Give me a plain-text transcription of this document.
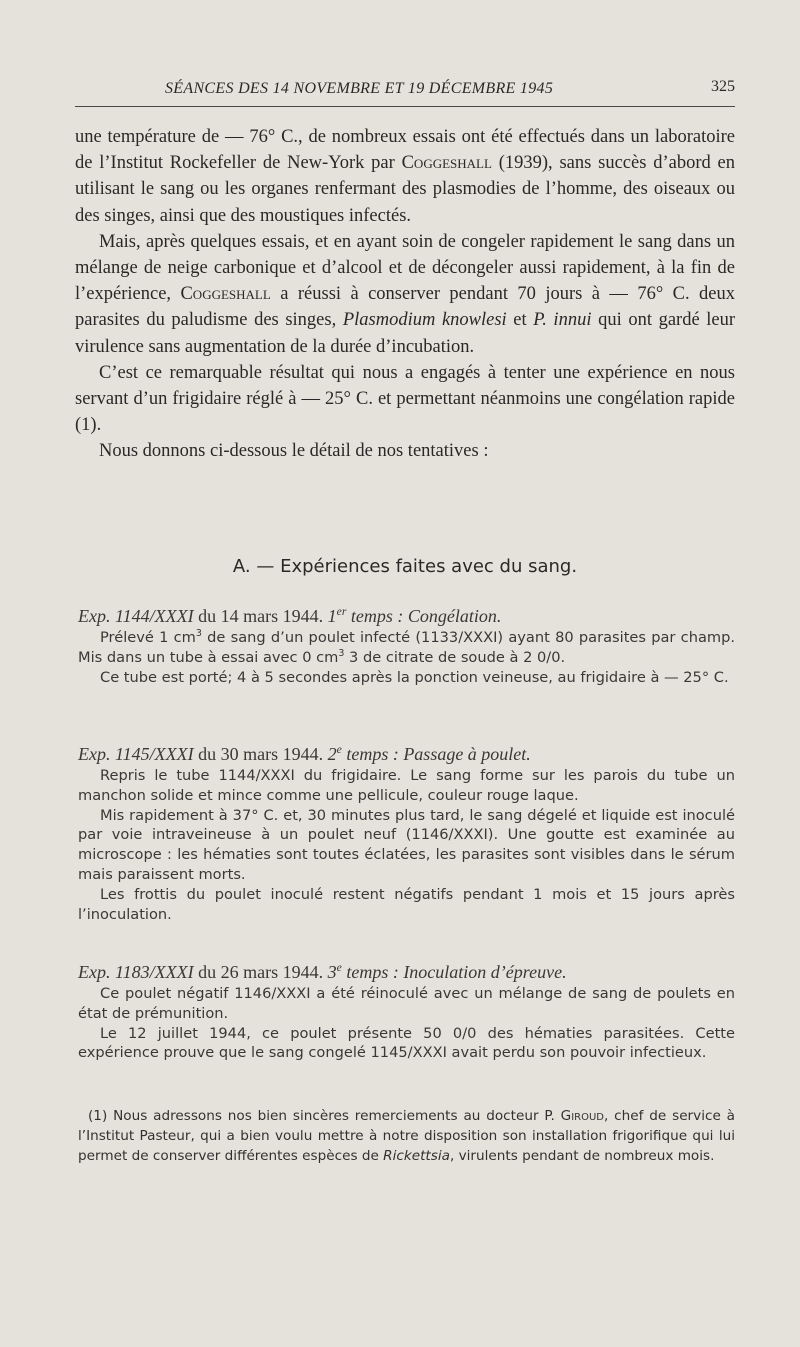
SÉANCES DES 14 NOVEMBRE ET 19 DÉCEMBRE 1945	325

une température de — 76° C., de nombreux essais ont été effectués dans un laboratoire de l’Institut Rockefeller de New-York par Coggeshall (1939), sans succès d’abord en utilisant le sang ou les organes renfermant des plasmodies de l’homme, des oiseaux ou des singes, ainsi que des moustiques infectés.

Mais, après quelques essais, et en ayant soin de congeler rapidement le sang dans un mélange de neige carbonique et d’alcool et de décongeler aussi rapidement, à la fin de l’expérience, Coggeshall a réussi à conserver pendant 70 jours à — 76° C. deux parasites du paludisme des singes, Plasmodium knowlesi et P. innui qui ont gardé leur virulence sans augmentation de la durée d’incubation.

C’est ce remarquable résultat qui nous a engagés à tenter une expérience en nous servant d’un frigidaire réglé à — 25° C. et permettant néanmoins une congélation rapide (1).

Nous donnons ci-dessous le détail de nos tentatives :

A. — Expériences faites avec du sang.
Exp. 1144/XXXI du 14 mars 1944. 1er temps : Congélation.

Prélevé 1 $cm^3$ de sang d’un poulet infecté (1133/XXXI) ayant 80 parasites par champ. Mis dans un tube à essai avec 0 $cm^3$ 3 de citrate de soude à 2 0/0.

Ce tube est porté; 4 à 5 secondes après la ponction veineuse, au frigidaire à — 25° C.

Exp. 1145/XXXI du 30 mars 1944. 2e temps : Passage à poulet.

Repris le tube 1144/XXXI du frigidaire. Le sang forme sur les parois du tube un manchon solide et mince comme une pellicule, couleur rouge laque.

Mis rapidement à 37° C. et, 30 minutes plus tard, le sang dégelé et liquide est inoculé par voie intraveineuse à un poulet neuf (1146/XXXI). Une goutte est examinée au microscope : les hématies sont toutes éclatées, les parasites sont visibles dans le sérum mais paraissent morts.

Les frottis du poulet inoculé restent négatifs pendant 1 mois et 15 jours après l’inoculation.

Exp. 1183/XXXI du 26 mars 1944. 3e temps : Inoculation d’épreuve.

Ce poulet négatif 1146/XXXI a été réinoculé avec un mélange de sang de poulets en état de prémunition.

Le 12 juillet 1944, ce poulet présente 50 0/0 des hématies parasitées. Cette expérience prouve que le sang congelé 1145/XXXI avait perdu son pouvoir infectieux.

(1) Nous adressons nos bien sincères remerciements au docteur P. Giroud, chef de service à l’Institut Pasteur, qui a bien voulu mettre à notre disposition son installation frigorifique qui lui permet de conserver différentes espèces de Rickettsia, virulents pendant de nombreux mois.
